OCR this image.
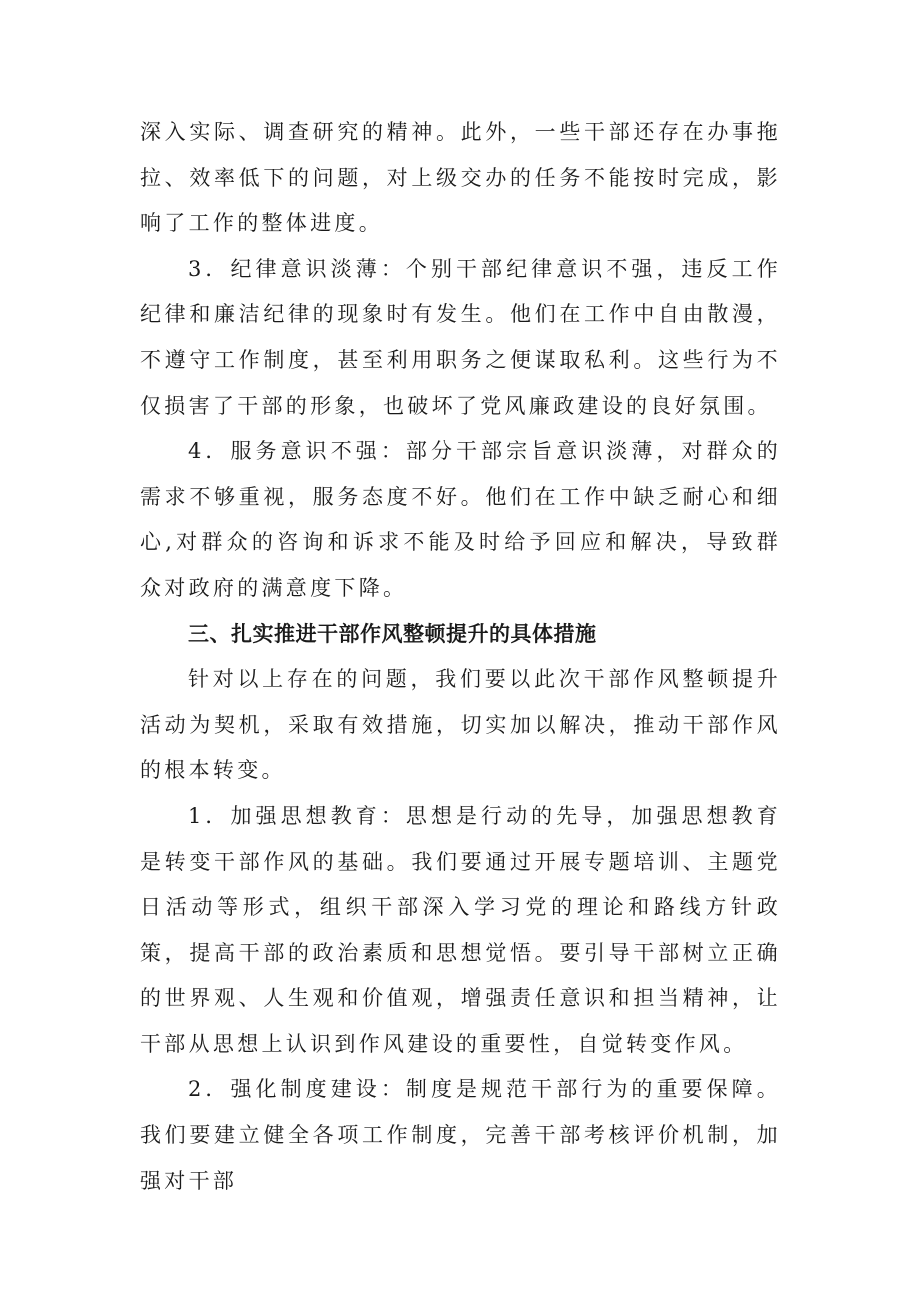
深入实际、调查研究的精神。此外，一些干部还存在办事拖拉、效率低下的问题，对上级交办的任务不能按时完成，影响了工作的整体进度。

3．纪律意识淡薄：个别干部纪律意识不强，违反工作纪律和廉洁纪律的现象时有发生。他们在工作中自由散漫，不遵守工作制度，甚至利用职务之便谋取私利。这些行为不仅损害了干部的形象，也破坏了党风廉政建设的良好氛围。

4．服务意识不强：部分干部宗旨意识淡薄，对群众的需求不够重视，服务态度不好。他们在工作中缺乏耐心和细心,对群众的咨询和诉求不能及时给予回应和解决，导致群众对政府的满意度下降。

三、扎实推进干部作风整顿提升的具体措施

针对以上存在的问题，我们要以此次干部作风整顿提升活动为契机，采取有效措施，切实加以解决，推动干部作风的根本转变。

1．加强思想教育：思想是行动的先导，加强思想教育是转变干部作风的基础。我们要通过开展专题培训、主题党日活动等形式，组织干部深入学习党的理论和路线方针政策，提高干部的政治素质和思想觉悟。要引导干部树立正确的世界观、人生观和价值观，增强责任意识和担当精神，让干部从思想上认识到作风建设的重要性，自觉转变作风。

2．强化制度建设：制度是规范干部行为的重要保障。我们要建立健全各项工作制度，完善干部考核评价机制，加强对干部
